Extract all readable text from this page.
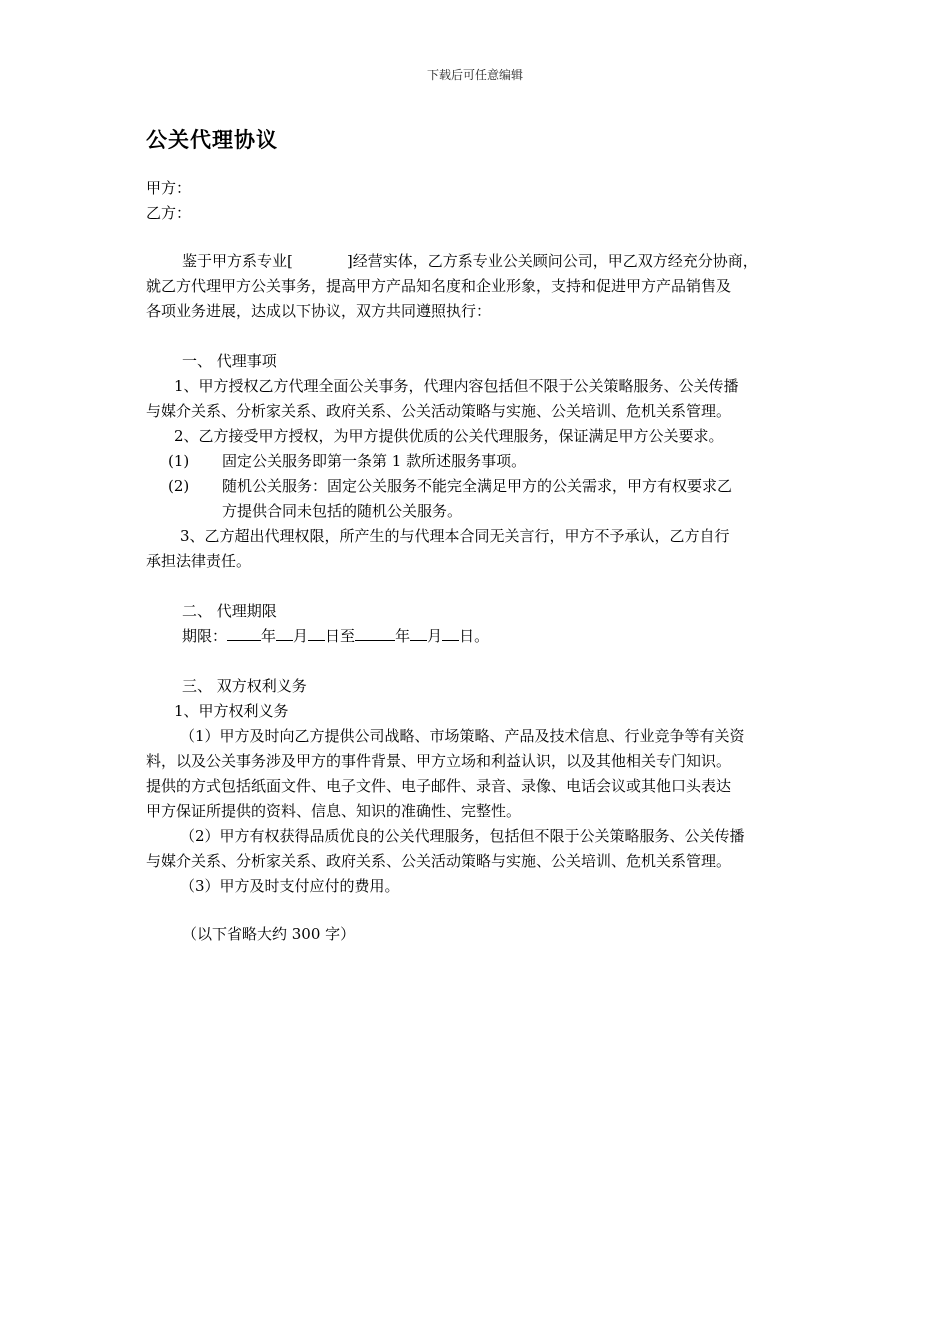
下载后可任意编辑
公关代理协议
甲方：
乙方：
鉴于甲方系专业[	]经营实体，乙方系专业公关顾问公司，甲乙双方经充分协商，
就乙方代理甲方公关事务，提高甲方产品知名度和企业形象，支持和促进甲方产品销售及
各项业务进展，达成以下协议，双方共同遵照执行：
一、 代理事项
1、甲方授权乙方代理全面公关事务，代理内容包括但不限于公关策略服务、公关传播
与媒介关系、分析家关系、政府关系、公关活动策略与实施、公关培训、危机关系管理。
2、乙方接受甲方授权，为甲方提供优质的公关代理服务，保证满足甲方公关要求。
(1) 固定公关服务即第一条第 1 款所述服务事项。
(2) 随机公关服务：固定公关服务不能完全满足甲方的公关需求，甲方有权要求乙
方提供合同未包括的随机公关服务。
3、乙方超出代理权限，所产生的与代理本合同无关言行，甲方不予承认，乙方自行
承担法律责任。
二、 代理期限
期限： 年 月 日至	年 月 日。
三、 双方权利义务
1、甲方权利义务
（1）甲方及时向乙方提供公司战略、市场策略、产品及技术信息、行业竞争等有关资
料，以及公关事务涉及甲方的事件背景、甲方立场和利益认识，以及其他相关专门知识。
提供的方式包括纸面文件、电子文件、电子邮件、录音、录像、电话会议或其他口头表达
甲方保证所提供的资料、信息、知识的准确性、完整性。
（2）甲方有权获得品质优良的公关代理服务，包括但不限于公关策略服务、公关传播
与媒介关系、分析家关系、政府关系、公关活动策略与实施、公关培训、危机关系管理。
（3）甲方及时支付应付的费用。
（以下省略大约 300 字）
